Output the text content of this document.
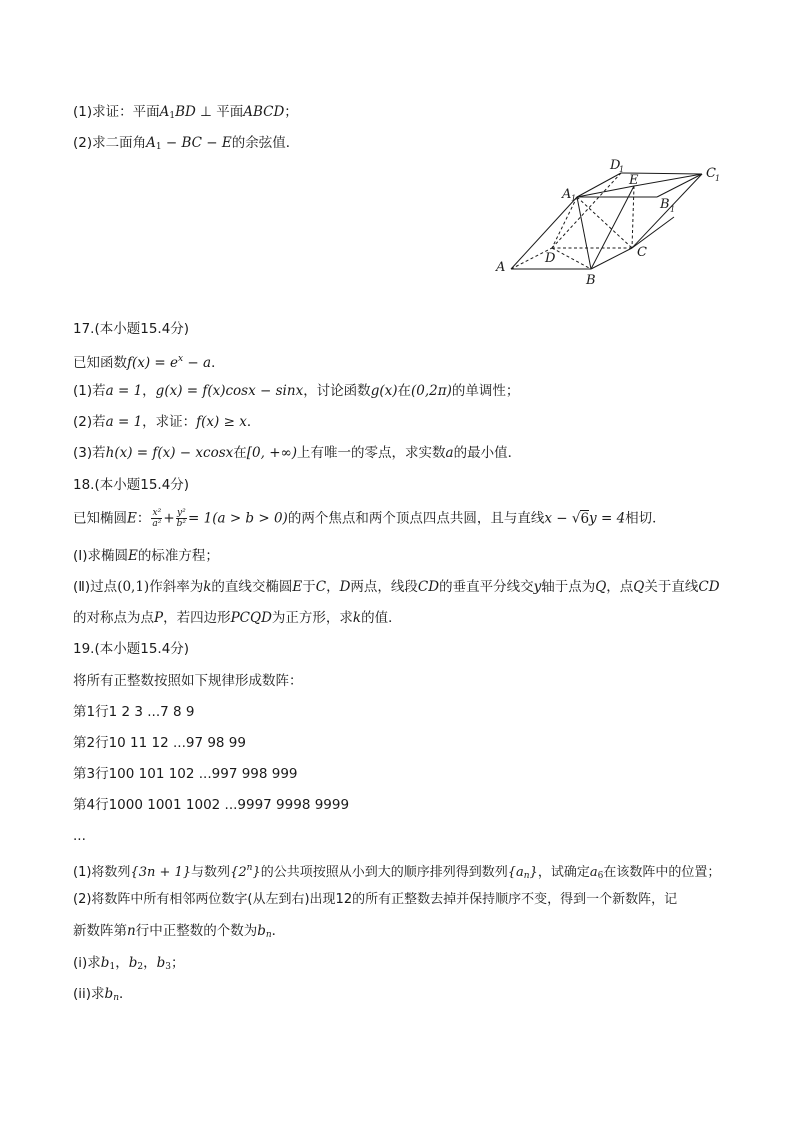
(1)求证：平面$A_1BD$ ⊥ 平面ABCD；
(2)求二面角$A_1$ − BC − E的余弦值．
A
B
C
D
E
A 1	B 1
C 1
D
1
17.(本小题15.4分)
已知函数$f(x) = e^x - a$．
(1)若a = 1，g(x) = f(x)cosx − sinx，讨论函数g(x)在(0,2π)的单调性；
(2)若a = 1，求证：f(x) ≥ x．
(3)若h(x) = f(x) − xcosx在[0, +∞)上有唯一的零点，求实数a的最小值．
18.(本小题15.4分)
已知椭圆E： $\frac{\text{x²}}{\text{a²}} + \frac{\text{y²}}{\text{b²}} = 1(a > b > 0)$的两个焦点和两个顶点四点共圆，且与直线x − √6y = 4相切．
(Ⅰ)求椭圆E的标准方程；
(Ⅱ)过点(0,1)作斜率为k的直线交椭圆E于C，D两点，线段CD的垂直平分线交y轴于点为Q，点Q关于直线CD
的对称点为点P，若四边形PCQD为正方形，求k的值．
19.(本小题15.4分)
将所有正整数按照如下规律形成数阵：
第1行1 2 3 ...7 8 9
第2行10 11 12 ...97 98 99
第3行100 101 102 ...997 998 999
第4行1000 1001 1002 ...9997 9998 9999
...
(1)将数列{3n + 1}与数列{2$^n$}的公共项按照从小到大的顺序排列得到数列$\{a_n\}$，试确定$a_6$在该数阵中的位置；
(2)将数阵中所有相邻两位数字(从左到右)出现12的所有正整数去掉并保持顺序不变，得到一个新数阵，记
新数阵第n行中正整数的个数为$b_n$．
(i)求$b_1$，$b_2$，$b_3$；
(ii)求$b_n$．
